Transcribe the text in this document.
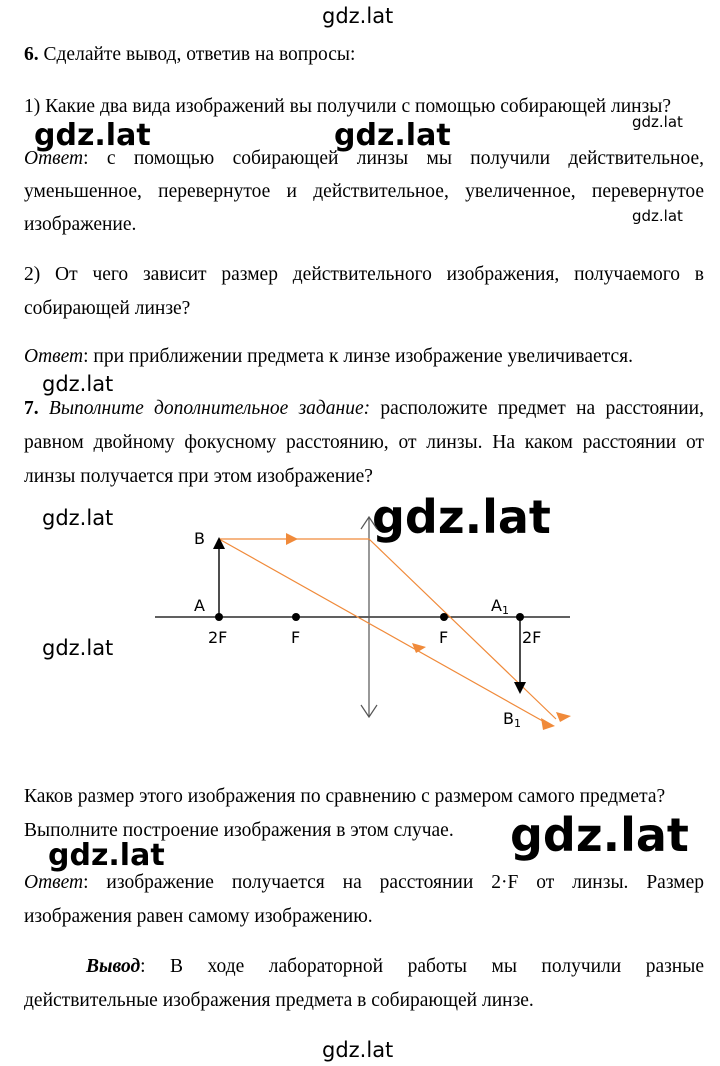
gdz.lat
6. Сделайте вывод, ответив на вопросы:
1) Какие два вида изображений вы получили с помощью собирающей линзы?
gdz.lat	gdz.lat	gdz.lat
Ответ: с помощью собирающей линзы мы получили действительное,
уменьшенное, перевернутое и действительное, увеличенное, перевернутое
изображение.	gdz.lat
2) От чего зависит размер действительного изображения, получаемого в
собирающей линзе?
Ответ: при приближении предмета к линзе изображение увеличивается.
gdz.lat
7. Выполните дополнительное задание: расположите предмет на расстоянии,
равном двойному фокусному расстоянию, от линзы. На каком расстоянии от
линзы получается при этом изображение?
gdz.lat	gdz.lat
gdz.lat
B
A
2F	F	F
A1
2F
B1
Каков размер этого изображения по сравнению с размером самого предмета?
Выполните построение изображения в этом случае. gdz.lat
gdz.lat
Ответ: изображение получается на расстоянии 2·F от линзы. Размер
изображения равен самому изображению.
Вывод: В ходе лабораторной работы мы получили разные
действительные изображения предмета в собирающей линзе.
gdz.lat
